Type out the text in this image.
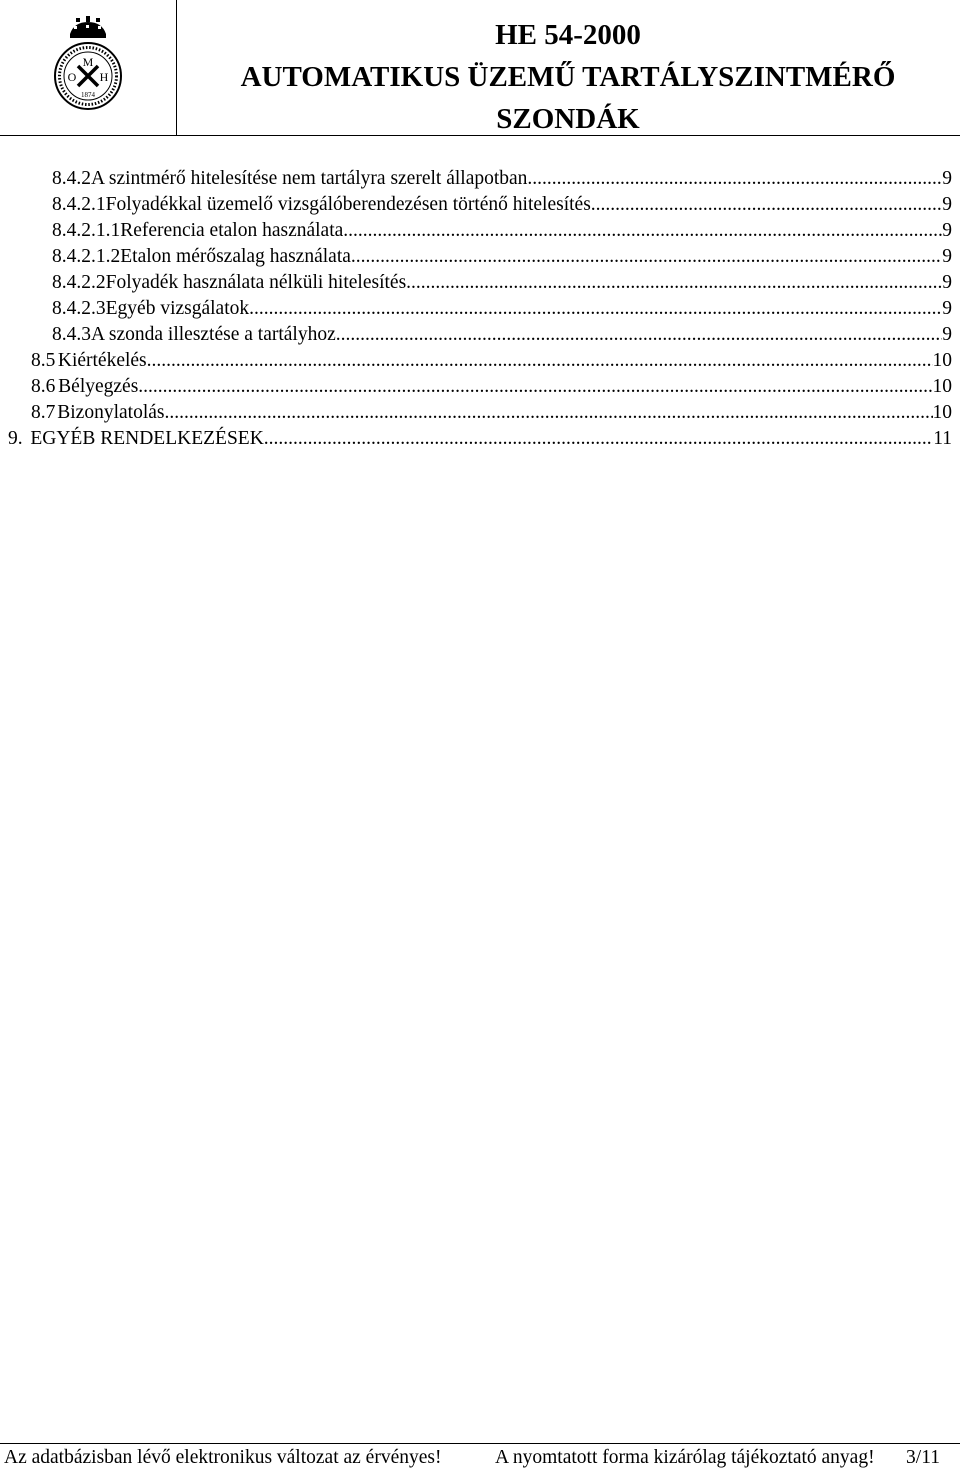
M
O H
1874
HE 54-2000
AUTOMATIKUS ÜZEMŰ TARTÁLYSZINTMÉRŐ
SZONDÁK
8.4.2 A szintmérő hitelesítése nem tartályra szerelt állapotban .....	9
8.4.2.1 Folyadékkal üzemelő vizsgálóberendezésen történő hitelesítés .....	9
8.4.2.1.1 Referencia etalon használata .....	9
8.4.2.1.2 Etalon mérőszalag használata .....	9
8.4.2.2 Folyadék használata nélküli hitelesítés .....	9
8.4.2.3 Egyéb vizsgálatok .....	9
8.4.3 A szonda illesztése a tartályhoz .....	9
8.5 Kiértékelés .....	10
8.6 Bélyegzés .....	10
8.7 Bizonylatolás .....	10
9. EGYÉB RENDELKEZÉSEK .....	11
Az adatbázisban lévő elektronikus változat az érvényes!	A nyomtatott forma kizárólag tájékoztató anyag! 3/11
